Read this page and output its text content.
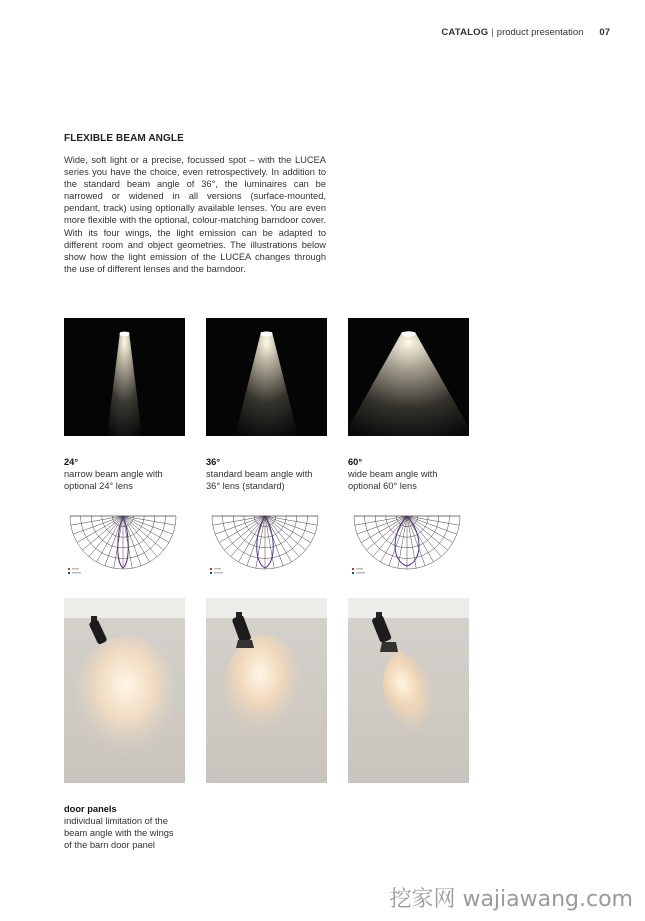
CATALOG | product presentation 07
FLEXIBLE BEAM ANGLE

Wide, soft light or a precise, focussed spot – with the LUCEA series you have the choice, even retrospectively. In addition to the standard beam angle of 36°, the luminaires can be narrowed or widened in all versions (surface-mounted, pendant, track) using optionally available lenses. You are even more flexible with the optional, colour-matching barndoor cover. With its four wings, the light emission can be adapted to different room and object geometries. The illustrations below show how the light emission of the LUCEA changes through the use of different lenses and the barndoor.

24°
narrow beam angle with
optional 24° lens
36°
standard beam angle with
36° lens (standard)
60°
wide beam angle with
optional 60° lens
door panels
individual limitation of the
beam angle with the wings
of the barn door panel
挖家网 wajiawang.com
